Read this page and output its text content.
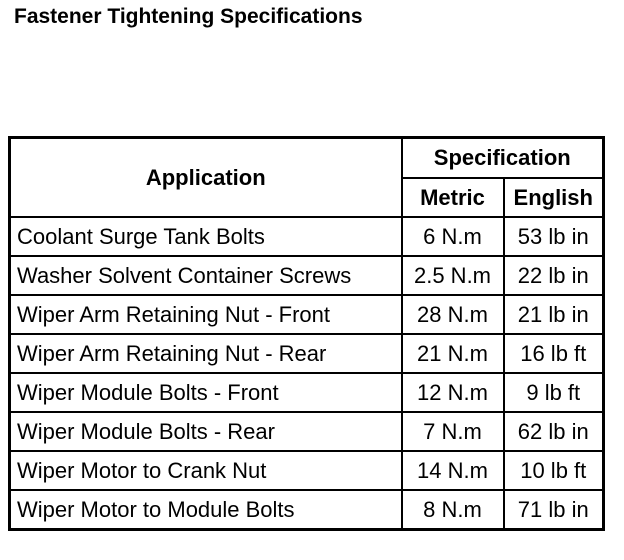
Fastener Tightening Specifications
Application	Specification	
	Metric	English
Coolant Surge Tank Bolts	6 N.m	53 lb in
Washer Solvent Container Screws	2.5 N.m	22 lb in
Wiper Arm Retaining Nut - Front	28 N.m	21 lb in
Wiper Arm Retaining Nut - Rear	21 N.m	16 lb ft
Wiper Module Bolts - Front	12 N.m	9 lb ft
Wiper Module Bolts - Rear	7 N.m	62 lb in
Wiper Motor to Crank Nut	14 N.m	10 lb ft
Wiper Motor to Module Bolts	8 N.m	71 lb in
